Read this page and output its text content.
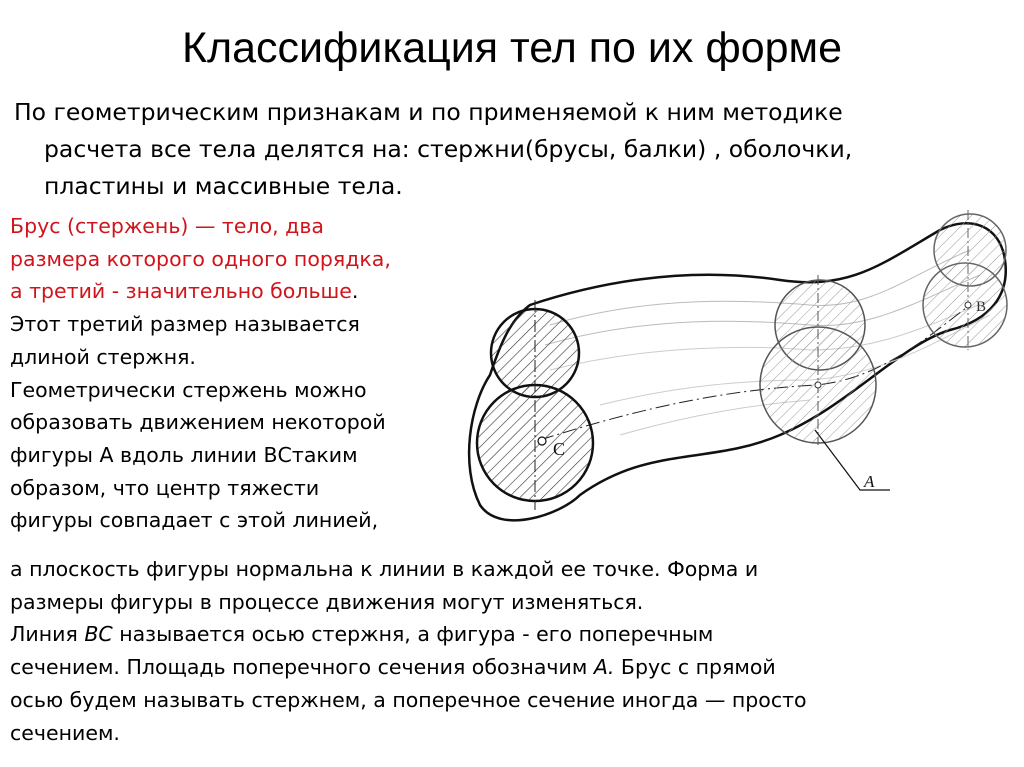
Классификация тел по их форме
По геометрическим признакам и по применяемой к ним методике
расчета все тела делятся на: стержни(брусы, балки) , оболочки,
пластины и массивные тела.
Брус (стержень) — тело, два
размера которого одного порядка,
а третий - значительно больше.
Этот третий размер называется
длиной стержня.
Геометрически стержень можно
образовать движением некоторой
фигуры А вдоль линии ВСтаким
образом, что центр тяжести
фигуры совпадает с этой линией,
C
B
A
а плоскость фигуры нормальна к линии в каждой ее точке. Форма и
размеры фигуры в процессе движения могут изменяться.
Линия ВС называется осью стержня, а фигура - его поперечным
сечением. Площадь поперечного сечения обозначим А. Брус с прямой
осью будем называть стержнем, а поперечное сечение иногда — просто
сечением.
